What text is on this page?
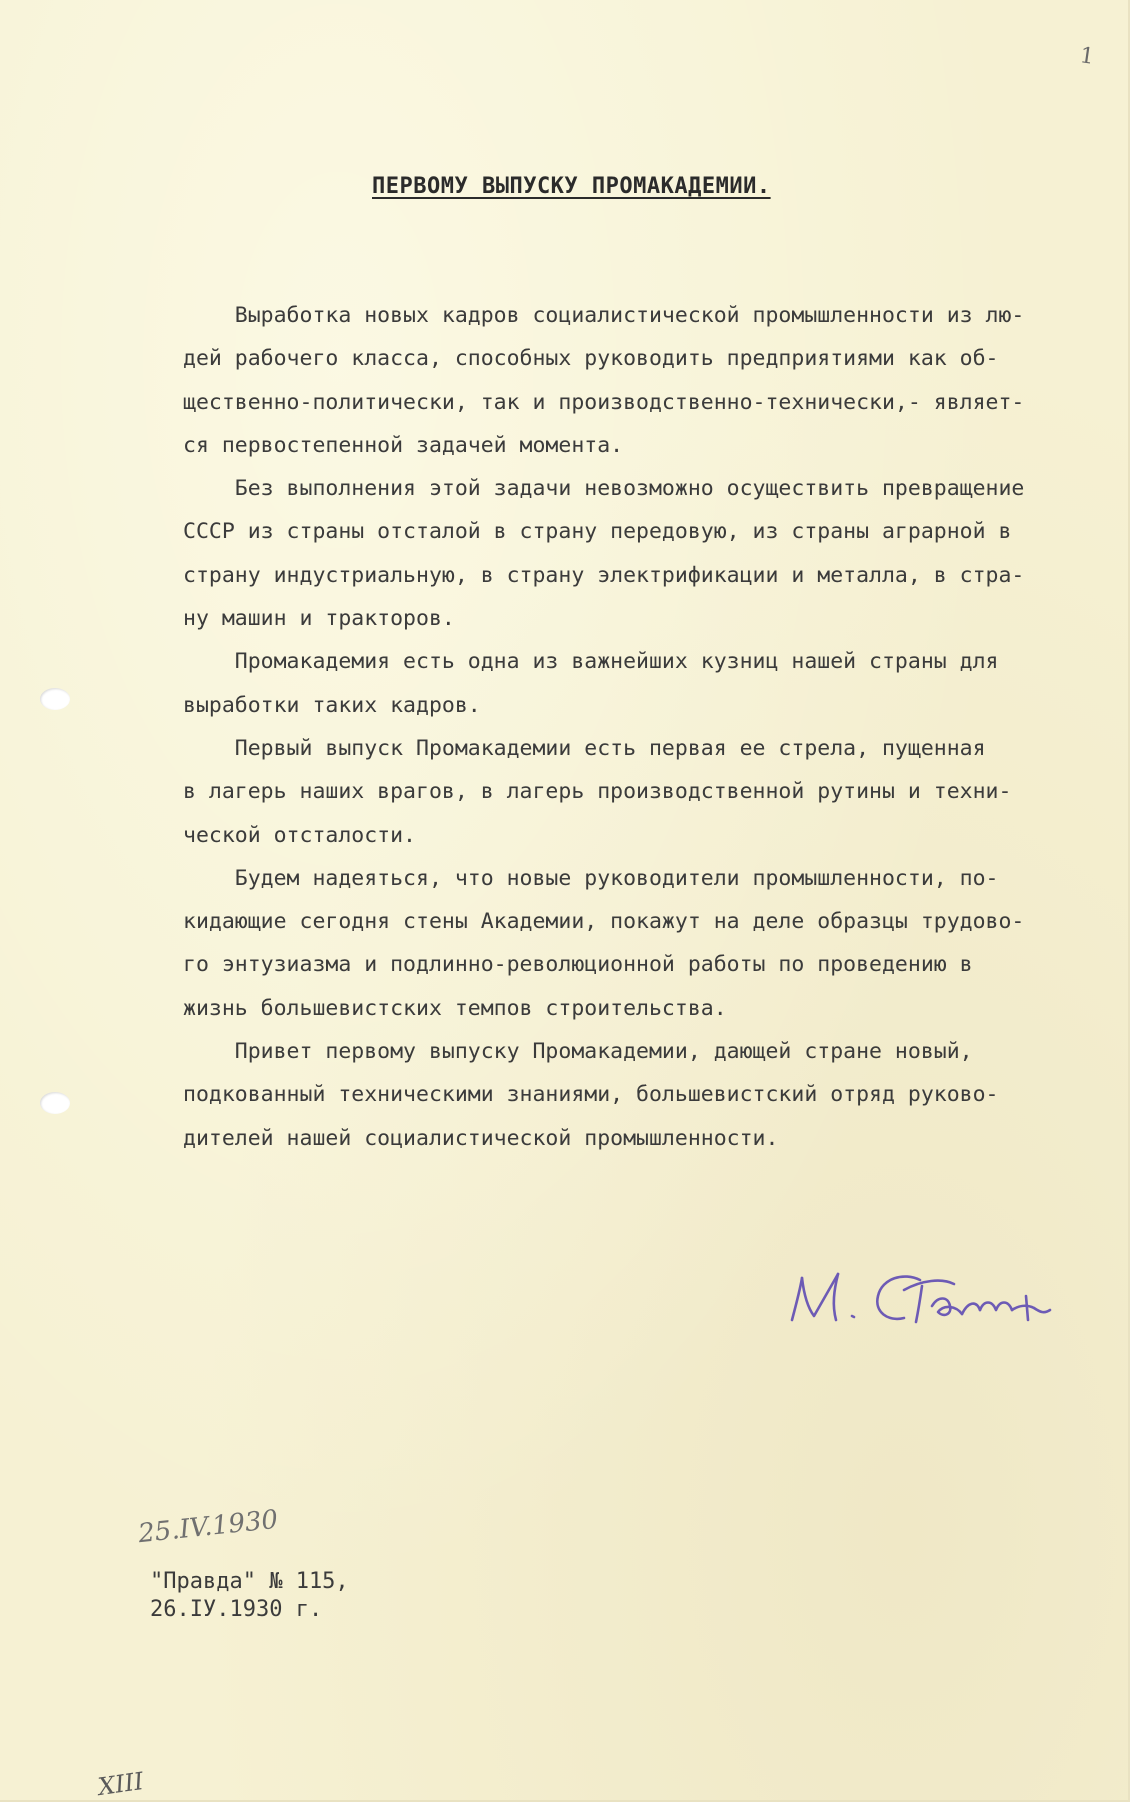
1
ПЕРВОМУ ВЫПУСКУ ПРОМАКАДЕМИИ.
Выработка новых кадров социалистической промышленности из лю-
дей рабочего класса, способных руководить предприятиями как об-
щественно-политически, так и производственно-технически,- являет-
ся первостепенной задачей момента.
Без выполнения этой задачи невозможно осуществить превращение
СССР из страны отсталой в страну передовую, из страны аграрной в
страну индустриальную, в страну электрификации и металла, в стра-
ну машин и тракторов.
Промакадемия есть одна из важнейших кузниц нашей страны для
выработки таких кадров.
Первый выпуск Промакадемии есть первая ее стрела, пущенная
в лагерь наших врагов, в лагерь производственной рутины и техни-
ческой отсталости.
Будем надеяться, что новые руководители промышленности, по-
кидающие сегодня стены Академии, покажут на деле образцы трудово-
го энтузиазма и подлинно-революционной работы по проведению в
жизнь большевистских темпов строительства.
Привет первому выпуску Промакадемии, дающей стране новый,
подкованный техническими знаниями, большевистский отряд руково-
дителей нашей социалистической промышленности.
25.IV.1930
"Правда" № 115,
26.IУ.1930 г.
XIII
